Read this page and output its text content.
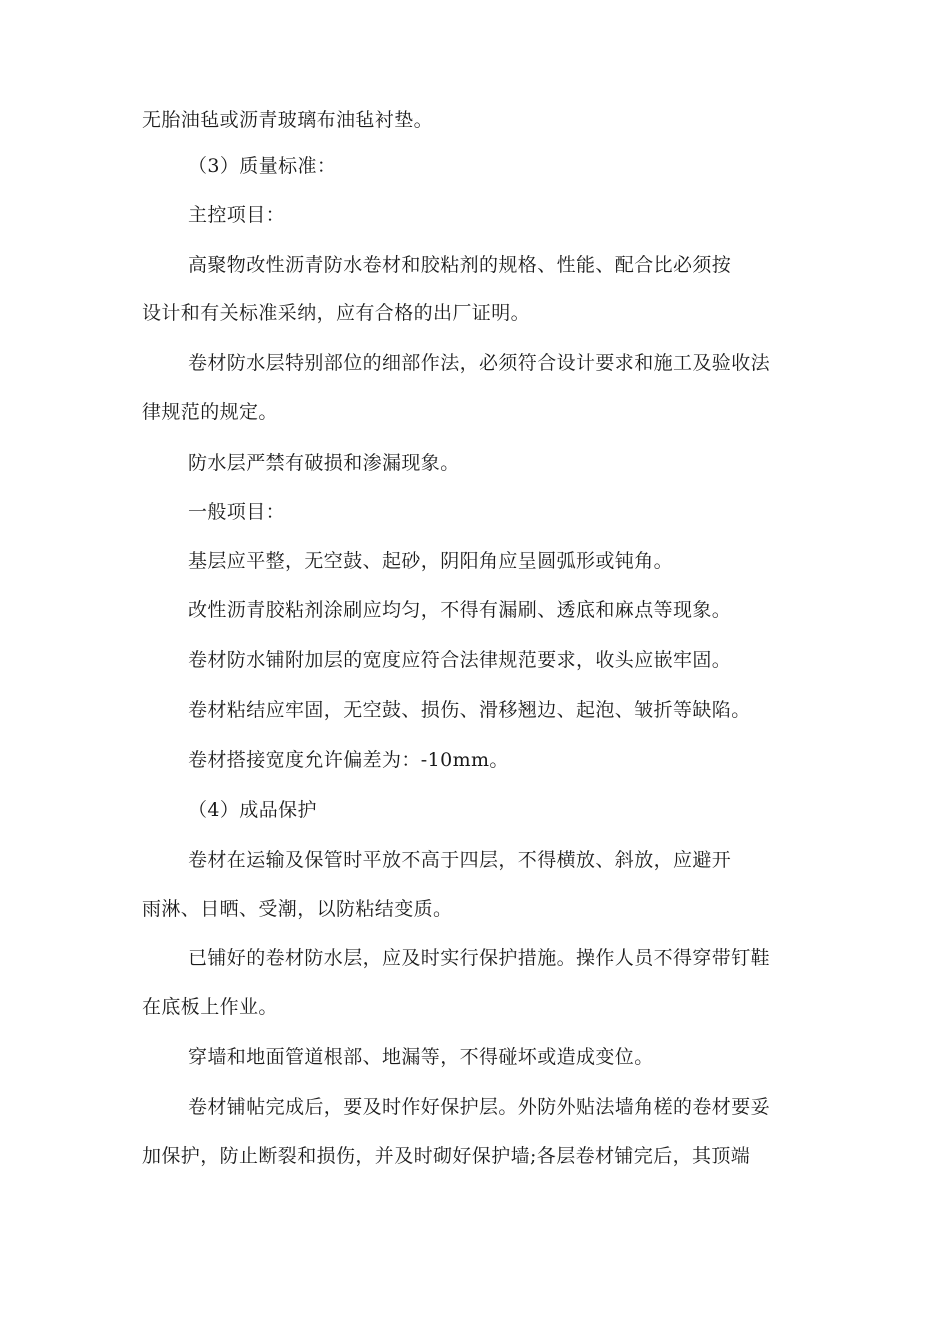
无胎油毡或沥青玻璃布油毡衬垫。
（3）质量标准：
主控项目：
高聚物改性沥青防水卷材和胶粘剂的规格、性能、配合比必须按
设计和有关标准采纳，应有合格的出厂证明。
卷材防水层特别部位的细部作法，必须符合设计要求和施工及验收法
律规范的规定。
防水层严禁有破损和渗漏现象。
一般项目：
基层应平整，无空鼓、起砂，阴阳角应呈圆弧形或钝角。
改性沥青胶粘剂涂刷应均匀，不得有漏刷、透底和麻点等现象。
卷材防水铺附加层的宽度应符合法律规范要求，收头应嵌牢固。
卷材粘结应牢固，无空鼓、损伤、滑移翘边、起泡、皱折等缺陷。
卷材搭接宽度允许偏差为：-10mm。
（4）成品保护
卷材在运输及保管时平放不高于四层，不得横放、斜放，应避开
雨淋、日晒、受潮，以防粘结变质。
已铺好的卷材防水层，应及时实行保护措施。操作人员不得穿带钉鞋
在底板上作业。
穿墙和地面管道根部、地漏等，不得碰坏或造成变位。
卷材铺帖完成后，要及时作好保护层。外防外贴法墙角槎的卷材要妥
加保护，防止断裂和损伤，并及时砌好保护墙;各层卷材铺完后，其顶端
